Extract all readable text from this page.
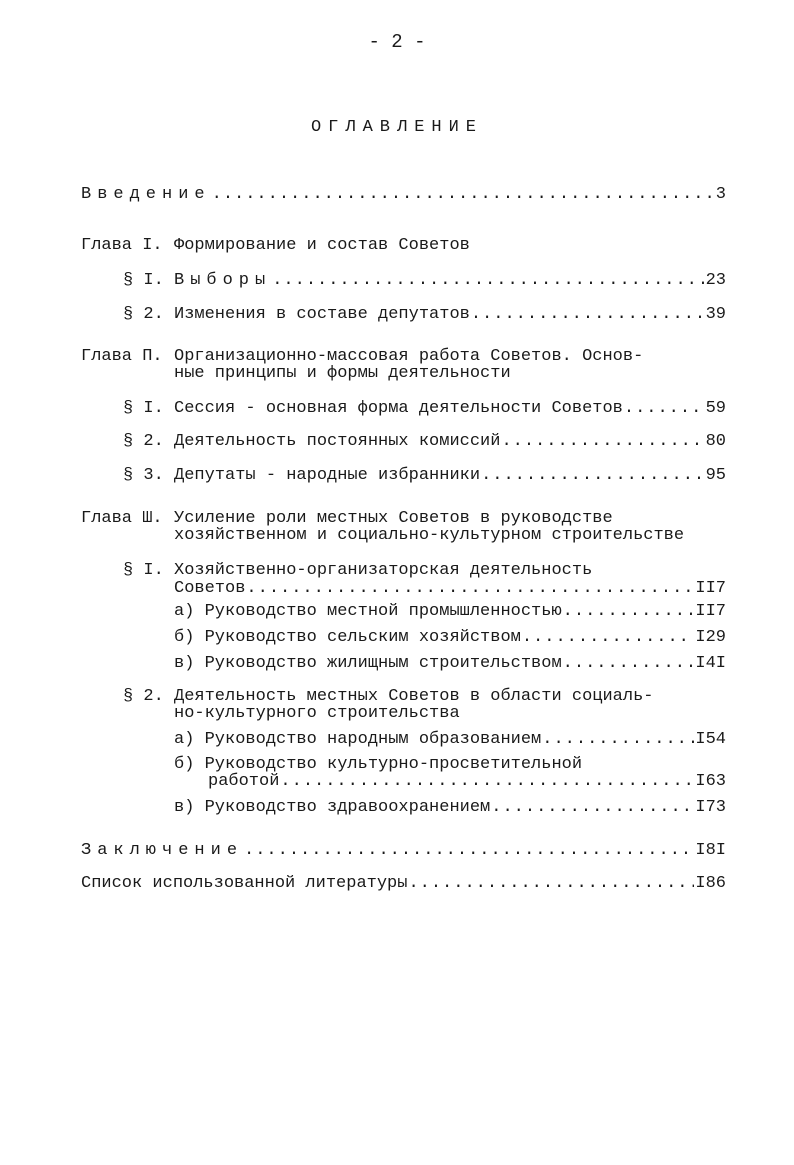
- 2 -
ОГЛАВЛЕНИЕ
Введение .....	3
Глава I. Формирование и состав Советов
§ I. Выборы .....	23
§ 2. Изменения в составе депутатов .....	39
Глава П. Организационно-массовая работа Советов. Основ-
ные принципы и формы деятельности
§ I. Сессия - основная форма деятельности Советов .....	59
§ 2. Деятельность постоянных комиссий .....	80
§ 3. Депутаты - народные избранники .....	95
Глава Ш. Усиление роли местных Советов в руководстве
хозяйственном и социально-культурном строительстве
§ I. Хозяйственно-организаторская деятельность
Советов .....	II7
а) Руководство местной промышленностью .....	II7
б) Руководство сельским хозяйством .....	I29
в) Руководство жилищным строительством .....	I4I
§ 2. Деятельность местных Советов в области социаль-
но-культурного строительства
а) Руководство народным образованием .....	I54
б) Руководство культурно-просветительной
работой .....	I63
в) Руководство здравоохранением .....	I73
Заключение .....	I8I
Список использованной литературы .....	I86
